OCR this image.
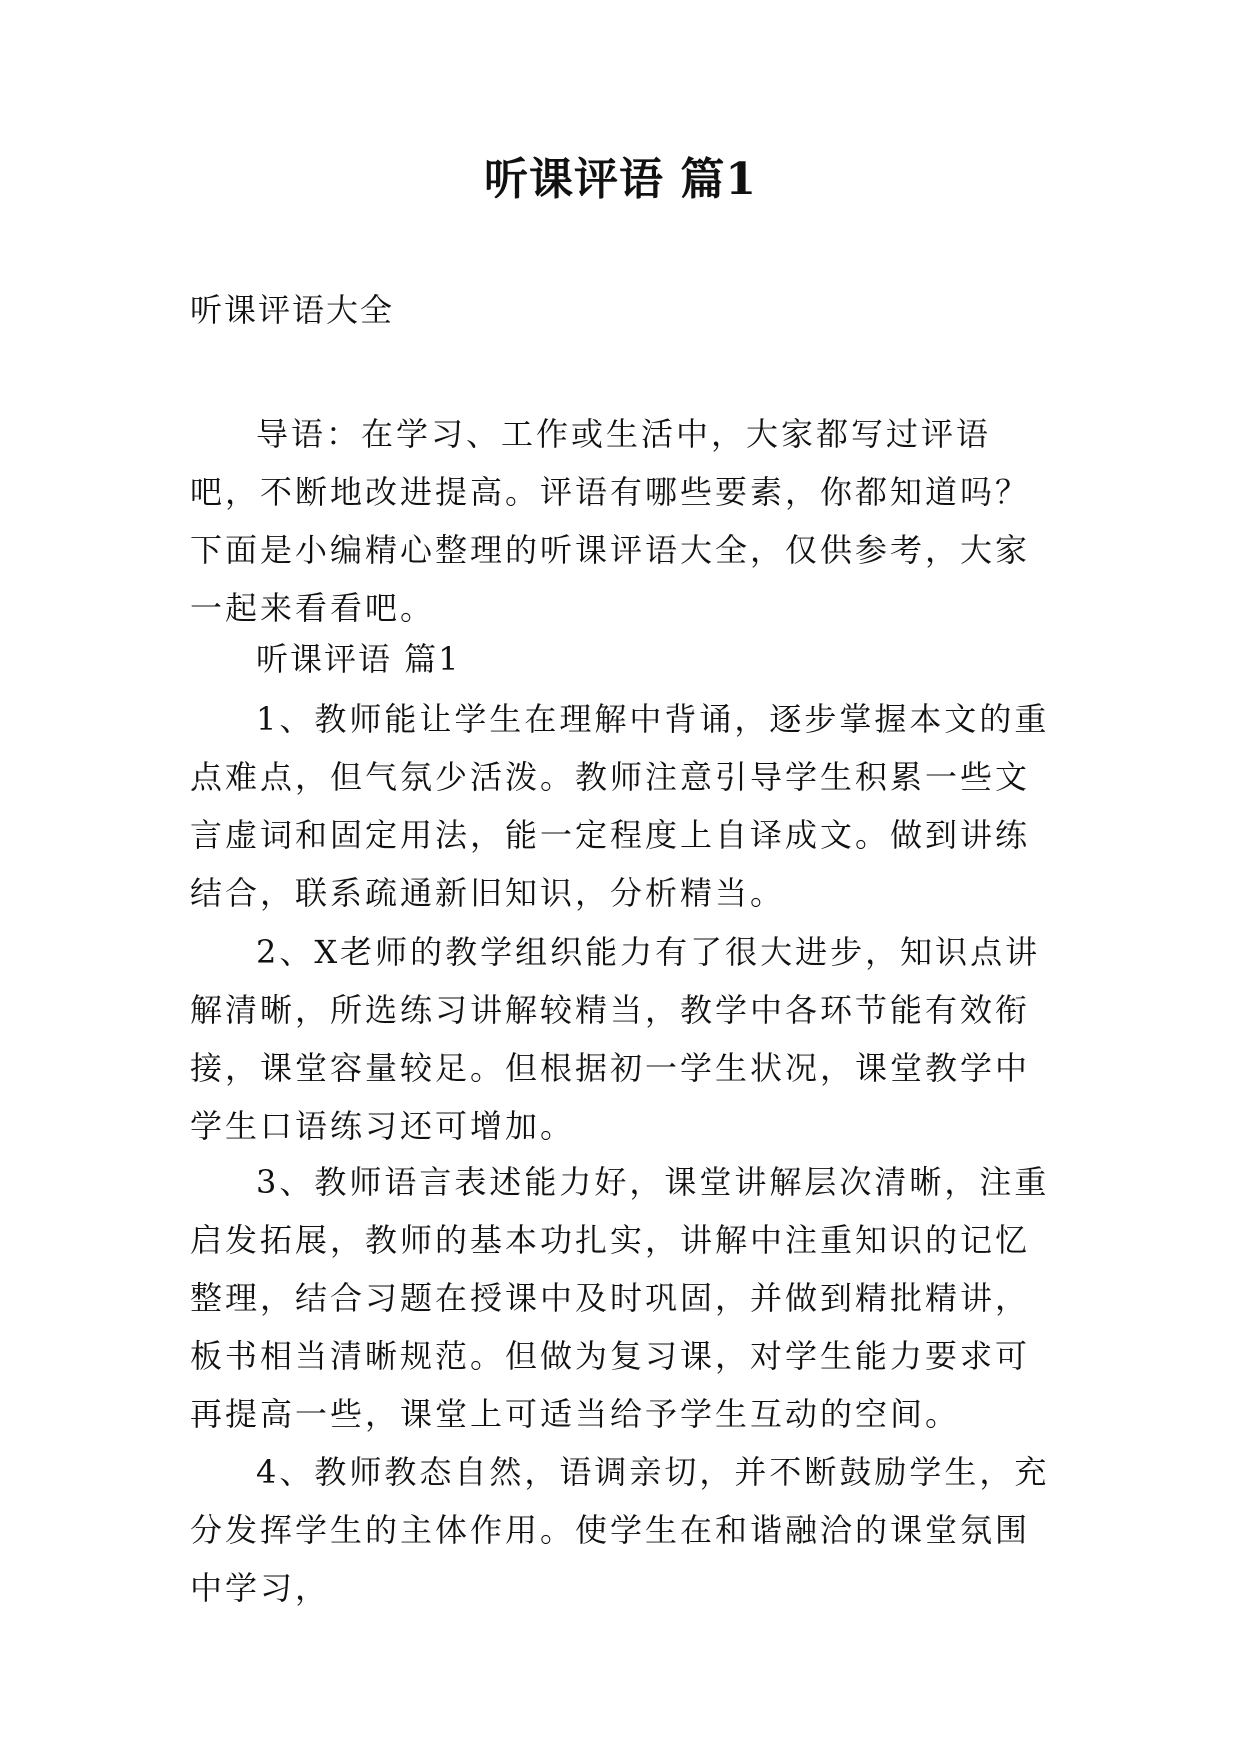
听课评语 篇1
听课评语大全

导语：在学习、工作或生活中，大家都写过评语吧，不断地改进提高。评语有哪些要素，你都知道吗？下面是小编精心整理的听课评语大全，仅供参考，大家一起来看看吧。

听课评语 篇1

1、教师能让学生在理解中背诵，逐步掌握本文的重点难点，但气氛少活泼。教师注意引导学生积累一些文言虚词和固定用法，能一定程度上自译成文。做到讲练结合，联系疏通新旧知识，分析精当。

2、X老师的教学组织能力有了很大进步，知识点讲解清晰，所选练习讲解较精当，教学中各环节能有效衔接，课堂容量较足。但根据初一学生状况，课堂教学中学生口语练习还可增加。

3、教师语言表述能力好，课堂讲解层次清晰，注重启发拓展，教师的基本功扎实，讲解中注重知识的记忆整理，结合习题在授课中及时巩固，并做到精批精讲，板书相当清晰规范。但做为复习课，对学生能力要求可再提高一些，课堂上可适当给予学生互动的空间。

4、教师教态自然，语调亲切，并不断鼓励学生，充分发挥学生的主体作用。使学生在和谐融洽的课堂氛围中学习，
